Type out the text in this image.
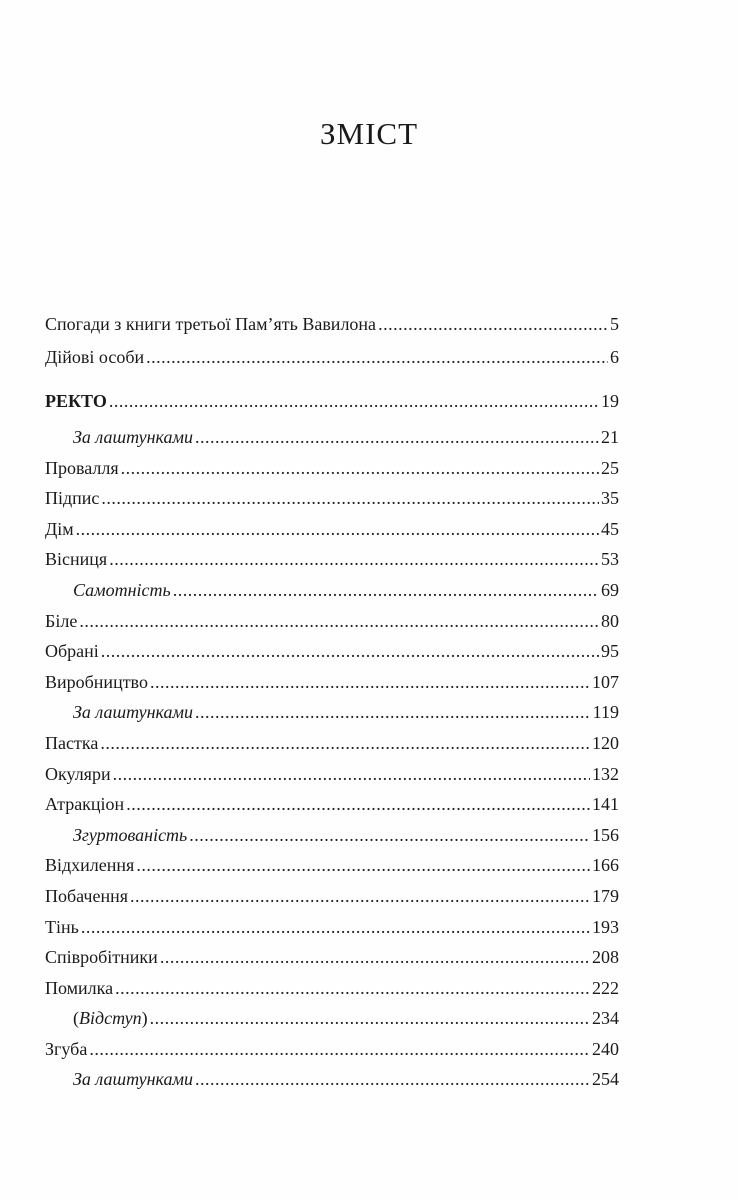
ЗМІСТ
Спогади з книги третьої Пам’ять Вавилона .....	5
Дійові особи .....	6
РЕКТО .....	19
За лаштунками .....	21
Провалля .....	25
Підпис .....	35
Дім .....	45
Вісниця .....	53
Самотність .....	69
Біле .....	80
Обрані .....	95
Виробництво .....	107
За лаштунками .....	119
Пастка .....	120
Окуляри .....	132
Атракціон .....	141
Згуртованість .....	156
Відхилення .....	166
Побачення .....	179
Тінь .....	193
Співробітники .....	208
Помилка .....	222
(Відступ) .....	234
Згуба .....	240
За лаштунками .....	254
